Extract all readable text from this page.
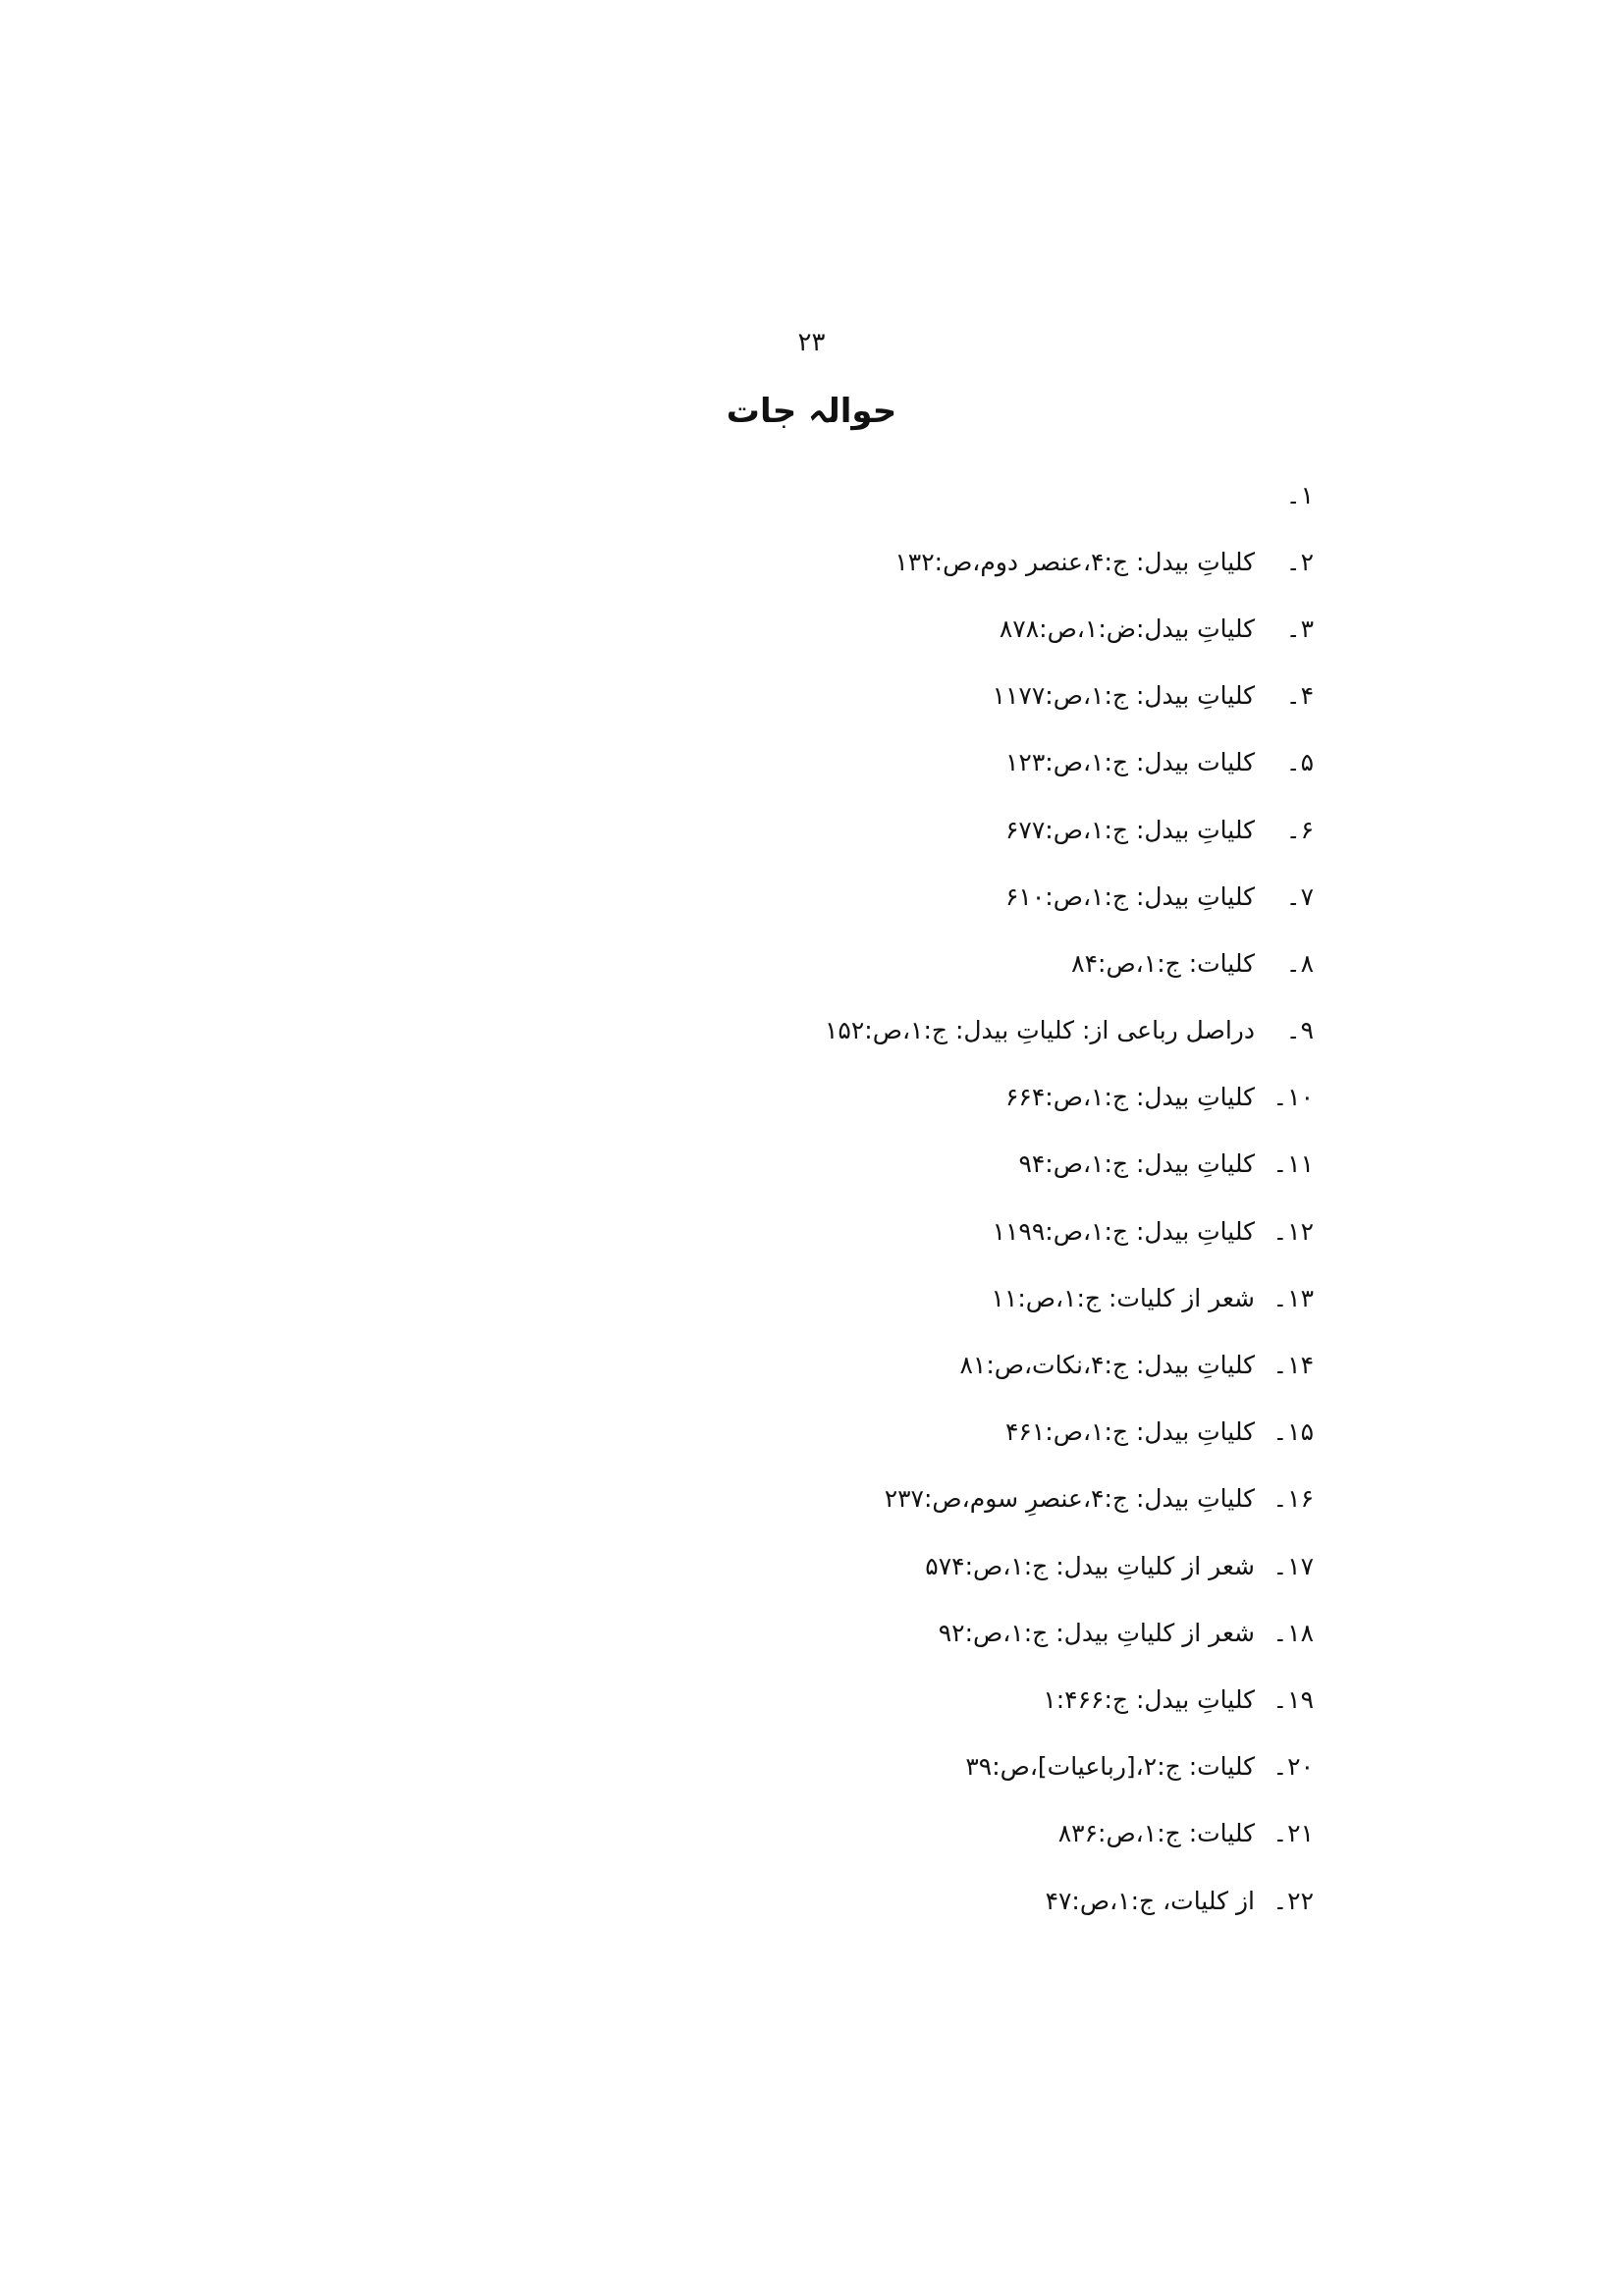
۲۳
حوالہ جات
۱۔
۲۔
کلیاتِ بیدل: ج:۴،عنصر دوم،ص:۱۳۲
۳۔
کلیاتِ بیدل:ض:۱،ص:۸۷۸
۴۔
کلیاتِ بیدل: ج:۱،ص:۱۱۷۷
۵۔
کلیات بیدل: ج:۱،ص:۱۲۳
۶۔
کلیاتِ بیدل: ج:۱،ص:۶۷۷
۷۔
کلیاتِ بیدل: ج:۱،ص:۶۱۰
۸۔
کلیات: ج:۱،ص:۸۴
۹۔
دراصل رباعی از: کلیاتِ بیدل: ج:۱،ص:۱۵۲
۱۰۔
کلیاتِ بیدل: ج:۱،ص:۶۶۴
۱۱۔
کلیاتِ بیدل: ج:۱،ص:۹۴
۱۲۔
کلیاتِ بیدل: ج:۱،ص:۱۱۹۹
۱۳۔
شعر از کلیات: ج:۱،ص:۱۱
۱۴۔
کلیاتِ بیدل: ج:۴،نکات،ص:۸۱
۱۵۔
کلیاتِ بیدل: ج:۱،ص:۴۶۱
۱۶۔
کلیاتِ بیدل: ج:۴،عنصرِ سوم،ص:۲۳۷
۱۷۔
شعر از کلیاتِ بیدل: ج:۱،ص:۵۷۴
۱۸۔
شعر از کلیاتِ بیدل: ج:۱،ص:۹۲
۱۹۔
کلیاتِ بیدل: ج:۱:۴۶۶
۲۰۔
کلیات: ج:۲،[رباعیات]،ص:۳۹
۲۱۔
کلیات: ج:۱،ص:۸۳۶
۲۲۔
از کلیات، ج:۱،ص:۴۷
